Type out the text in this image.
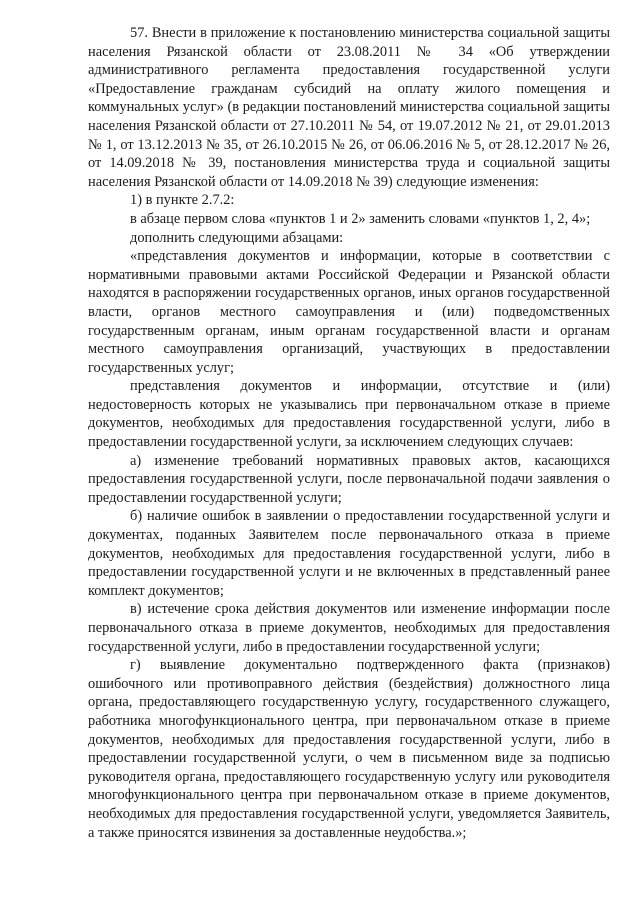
57. Внести в приложение к постановлению министерства социальной защиты населения Рязанской области от 23.08.2011 № 34 «Об утверждении административного регламента предоставления государственной услуги «Предоставление гражданам субсидий на оплату жилого помещения и коммунальных услуг» (в редакции постановлений министерства социальной защиты населения Рязанской области от 27.10.2011 № 54, от 19.07.2012 № 21, от 29.01.2013 № 1, от 13.12.2013 № 35, от 26.10.2015 № 26, от 06.06.2016 № 5, от 28.12.2017 № 26, от 14.09.2018 № 39, постановления министерства труда и социальной защиты населения Рязанской области от 14.09.2018 № 39) следующие изменения:

1) в пункте 2.7.2:

в абзаце первом слова «пунктов 1 и 2» заменить словами «пунктов 1, 2, 4»;

дополнить следующими абзацами:

«представления документов и информации, которые в соответствии с нормативными правовыми актами Российской Федерации и Рязанской области находятся в распоряжении государственных органов, иных органов государственной власти, органов местного самоуправления и (или) подведомственных государственным органам, иным органам государственной власти и органам местного самоуправления организаций, участвующих в предоставлении государственных услуг;

представления документов и информации, отсутствие и (или) недостоверность которых не указывались при первоначальном отказе в приеме документов, необходимых для предоставления государственной услуги, либо в предоставлении государственной услуги, за исключением следующих случаев:

а) изменение требований нормативных правовых актов, касающихся предоставления государственной услуги, после первоначальной подачи заявления о предоставлении государственной услуги;

б) наличие ошибок в заявлении о предоставлении государственной услуги и документах, поданных Заявителем после первоначального отказа в приеме документов, необходимых для предоставления государственной услуги, либо в предоставлении государственной услуги и не включенных в представленный ранее комплект документов;

в) истечение срока действия документов или изменение информации после первоначального отказа в приеме документов, необходимых для предоставления государственной услуги, либо в предоставлении государственной услуги;

г) выявление документально подтвержденного факта (признаков) ошибочного или противоправного действия (бездействия) должностного лица органа, предоставляющего государственную услугу, государственного служащего, работника многофункционального центра, при первоначальном отказе в приеме документов, необходимых для предоставления государственной услуги, либо в предоставлении государственной услуги, о чем в письменном виде за подписью руководителя органа, предоставляющего государственную услугу или руководителя многофункционального центра при первоначальном отказе в приеме документов, необходимых для предоставления государственной услуги, уведомляется Заявитель, а также приносятся извинения за доставленные неудобства.»;
